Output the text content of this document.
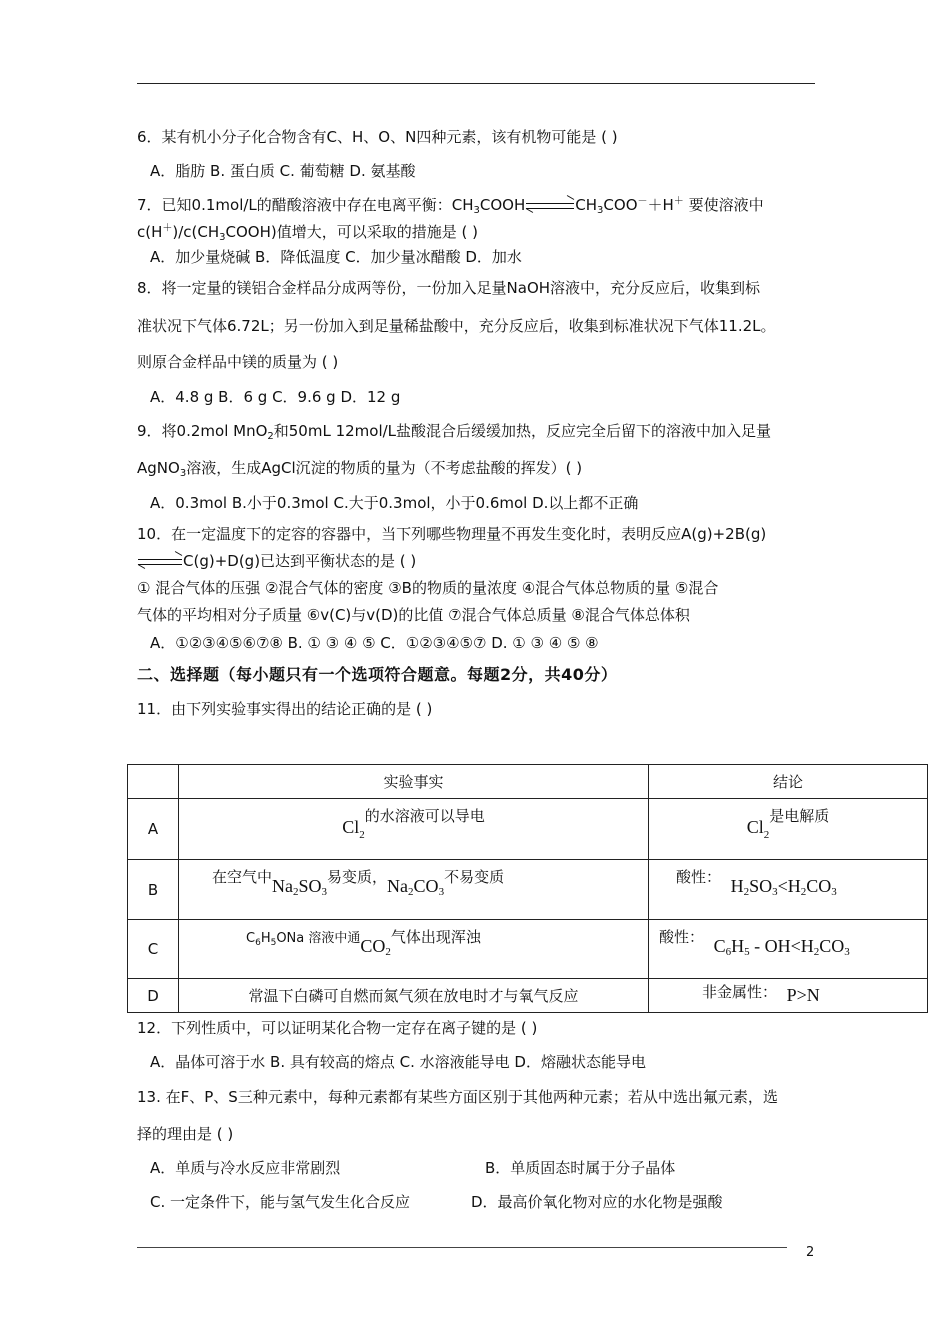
6．某有机小分子化合物含有C、H、O、N四种元素，该有机物可能是 ( )
A．脂肪 B. 蛋白质 C. 葡萄糖 D. 氨基酸
7．已知0.1mol/L的醋酸溶液中存在电离平衡：$CH_3COOH$	$CH_3COO^-+H^+$ 要使溶液中
$c(H^+)/c(CH_3COOH)$值增大，可以采取的措施是 ( )
A．加少量烧碱 B．降低温度 C．加少量冰醋酸 D．加水
8．将一定量的镁铝合金样品分成两等份，一份加入足量NaOH溶液中，充分反应后，收集到标
准状况下气体6.72L；另一份加入到足量稀盐酸中，充分反应后，收集到标准状况下气体11.2L。
则原合金样品中镁的质量为 ( )
A．4.8 g B．6 g C．9.6 g D．12 g
9．将0.2mol MnO$_2$和50mL 12mol/L盐酸混合后缓缓加热，反应完全后留下的溶液中加入足量
AgNO$_3$溶液，生成AgCl沉淀的物质的量为（不考虑盐酸的挥发）( )
A．0.3mol B.小于0.3mol C.大于0.3mol，小于0.6mol D.以上都不正确
10．在一定温度下的定容的容器中，当下列哪些物理量不再发生变化时，表明反应A(g)+2B(g)
C(g)+D(g)已达到平衡状态的是 ( )
① 混合气体的压强 ②混合气体的密度 ③B的物质的量浓度 ④混合气体总物质的量 ⑤混合
气体的平均相对分子质量 ⑥v(C)与v(D)的比值 ⑦混合气体总质量 ⑧混合气体总体积
A．①②③④⑤⑥⑦⑧ B. ① ③ ④ ⑤ C．①②③④⑤⑦ D. ① ③ ④ ⑤ ⑧
二、选择题（每小题只有一个选项符合题意。每题2分，共40分）
11．由下列实验事实得出的结论正确的是 ( )
	实验事实	结论
A	$Cl_2$的水溶液可以导电	$Cl_2$是电解质
B	在空气中$Na_2SO_3$易变质，$Na_2CO_3$不易变质	酸性： $H_2SO_3<H_2CO_3$
C	$C_6H_5ONa$ 溶液中通$CO_2$气体出现浑浊	酸性： $C_6H_5 - OH<H_2CO_3$
D	常温下白磷可自燃而氮气须在放电时才与氧气反应	非金属性： P>N
12．下列性质中，可以证明某化合物一定存在离子键的是 ( )
A．晶体可溶于水 B. 具有较高的熔点 C. 水溶液能导电 D．熔融状态能导电
13. 在F、P、S三种元素中，每种元素都有某些方面区别于其他两种元素；若从中选出氟元素，选
择的理由是 ( )
A．单质与冷水反应非常剧烈	B．单质固态时属于分子晶体
C. 一定条件下，能与氢气发生化合反应	D．最高价氧化物对应的水化物是强酸
2
